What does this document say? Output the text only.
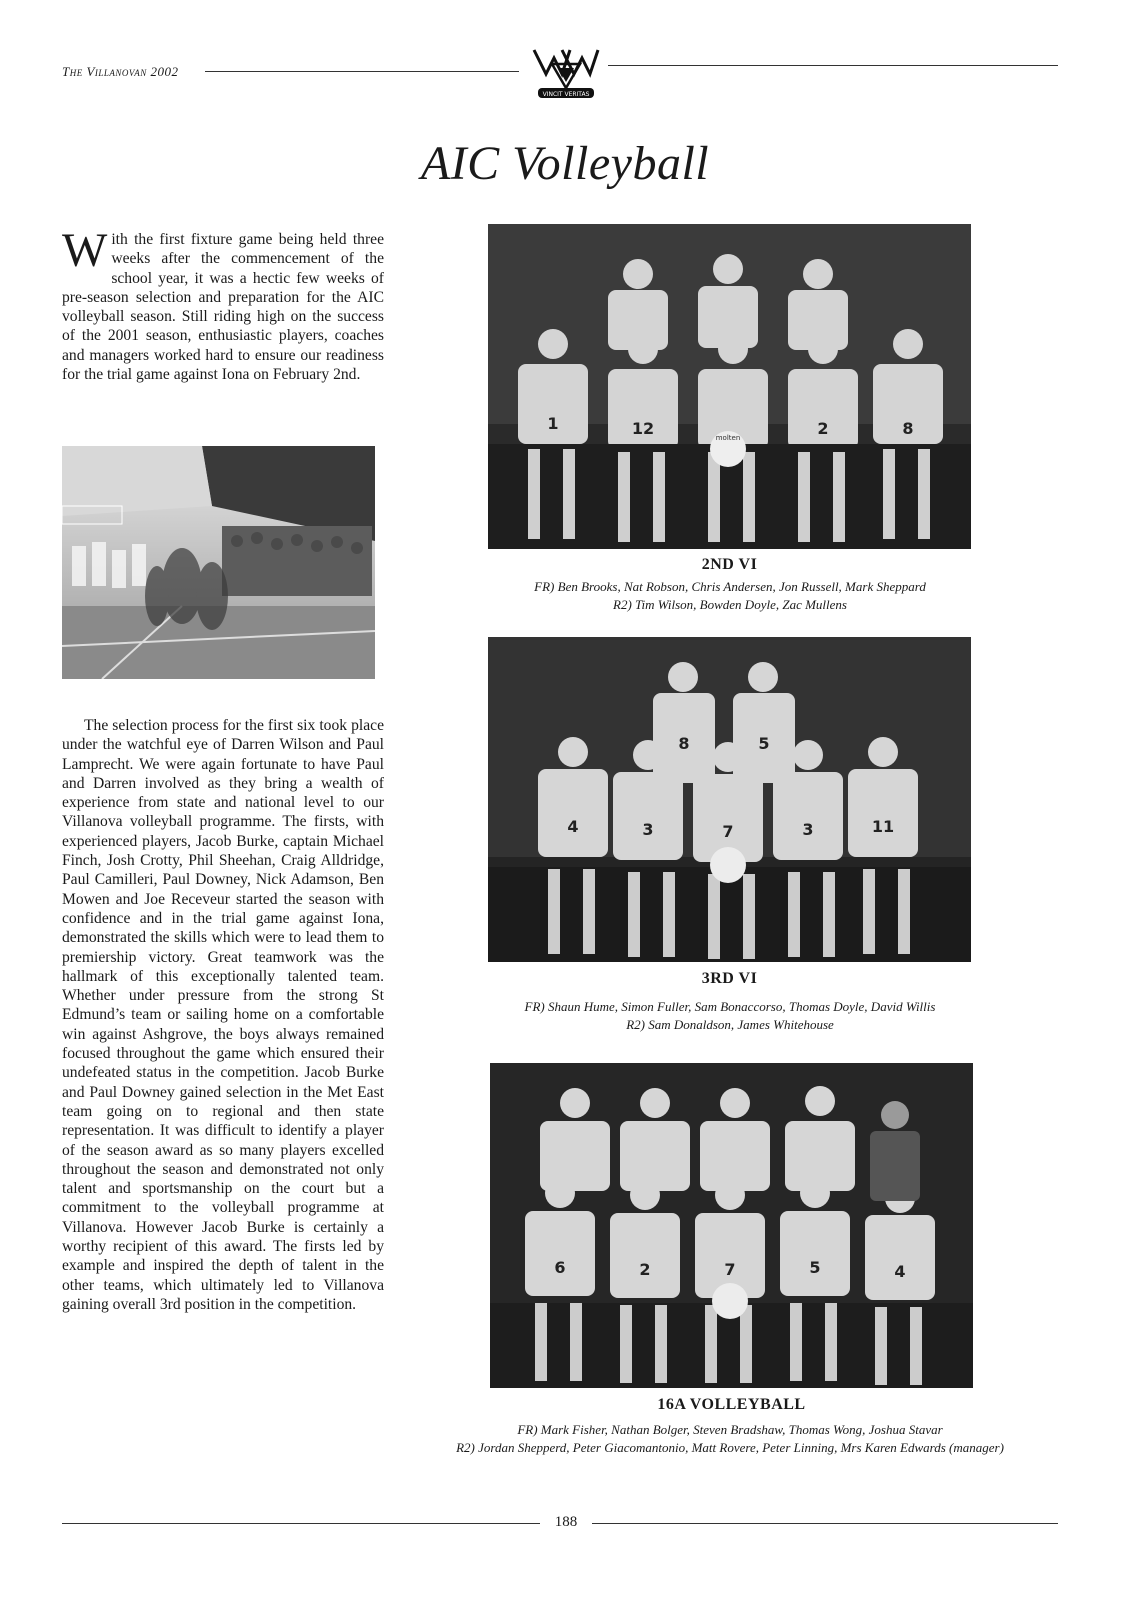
The Villanovan 2002
VINCIT VERITAS
AIC Volleyball

W ith the first fixture game being held three weeks after the commencement of the school year, it was a hectic few weeks of pre-season selection and preparation for the AIC volleyball season. Still riding high on the success of the 2001 season, enthusiastic players, coaches and managers worked hard to ensure our readiness for the trial game against Iona on February 2nd.

The selection process for the first six took place under the watchful eye of Darren Wilson and Paul Lamprecht. We were again fortunate to have Paul and Darren involved as they bring a wealth of experience from state and national level to our Villanova volleyball programme. The firsts, with experienced players, Jacob Burke, captain Michael Finch, Josh Crotty, Phil Sheehan, Craig Alldridge, Paul Camilleri, Paul Downey, Nick Adamson, Ben Mowen and Joe Receveur started the season with confidence and in the trial game against Iona, demonstrated the skills which were to lead them to premiership victory. Great teamwork was the hallmark of this exceptionally talented team. Whether under pressure from the strong St Edmund’s team or sailing home on a comfortable win against Ashgrove, the boys always remained focused throughout the game which ensured their undefeated status in the competition. Jacob Burke and Paul Downey gained selection in the Met East team going on to regional and then state representation. It was difficult to identify a player of the season award as so many players excelled throughout the season and demonstrated not only talent and sportsmanship on the court but a commitment to the volleyball programme at Villanova. However Jacob Burke is certainly a worthy recipient of this award. The firsts led by example and inspired the depth of talent in the other teams, which ultimately led to Villanova gaining overall 3rd position in the competition.

1	12	2	8
molten

2ND VI

FR) Ben Brooks, Nat Robson, Chris Andersen, Jon Russell, Mark Sheppard
R2) Tim Wilson, Bowden Doyle, Zac Mullens

8	5
4	3	7	3	11

3RD VI

FR) Shaun Hume, Simon Fuller, Sam Bonaccorso, Thomas Doyle, David Willis
R2) Sam Donaldson, James Whitehouse

6	2	7	5	4

16A VOLLEYBALL

FR) Mark Fisher, Nathan Bolger, Steven Bradshaw, Thomas Wong, Joshua Stavar
R2) Jordan Shepperd, Peter Giacomantonio, Matt Rovere, Peter Linning, Mrs Karen Edwards (manager)

188
